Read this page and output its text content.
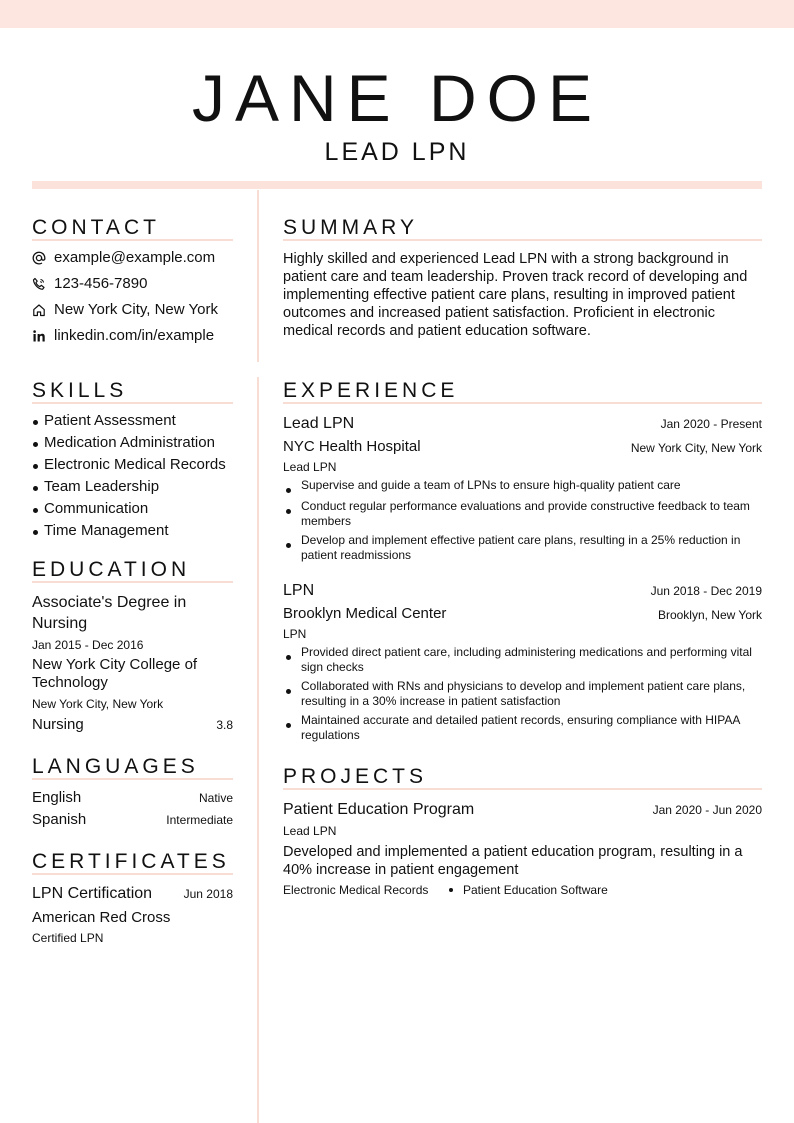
JANE DOE
LEAD LPN
CONTACT
example@example.com
123-456-7890
New York City, New York
linkedin.com/in/example
SKILLS
Patient Assessment
Medication Administration
Electronic Medical Records
Team Leadership
Communication
Time Management
EDUCATION
Associate's Degree in Nursing
Jan 2015 - Dec 2016
New York City College of Technology
New York City, New York
Nursing	3.8
LANGUAGES
English	Native
Spanish	Intermediate
CERTIFICATES
LPN Certification	Jun 2018
American Red Cross
Certified LPN
SUMMARY
Highly skilled and experienced Lead LPN with a strong background in patient care and team leadership. Proven track record of developing and implementing effective patient care plans, resulting in improved patient outcomes and increased patient satisfaction. Proficient in electronic medical records and patient education software.
EXPERIENCE
Lead LPN	Jan 2020 - Present
NYC Health Hospital	New York City, New York
Lead LPN
Supervise and guide a team of LPNs to ensure high-quality patient care
Conduct regular performance evaluations and provide constructive feedback to team members
Develop and implement effective patient care plans, resulting in a 25% reduction in patient readmissions
LPN	Jun 2018 - Dec 2019
Brooklyn Medical Center	Brooklyn, New York
LPN
Provided direct patient care, including administering medications and performing vital sign checks
Collaborated with RNs and physicians to develop and implement patient care plans, resulting in a 30% increase in patient satisfaction
Maintained accurate and detailed patient records, ensuring compliance with HIPAA regulations
PROJECTS
Patient Education Program	Jan 2020 - Jun 2020
Lead LPN
Developed and implemented a patient education program, resulting in a 40% increase in patient engagement
Electronic Medical Records	Patient Education Software
